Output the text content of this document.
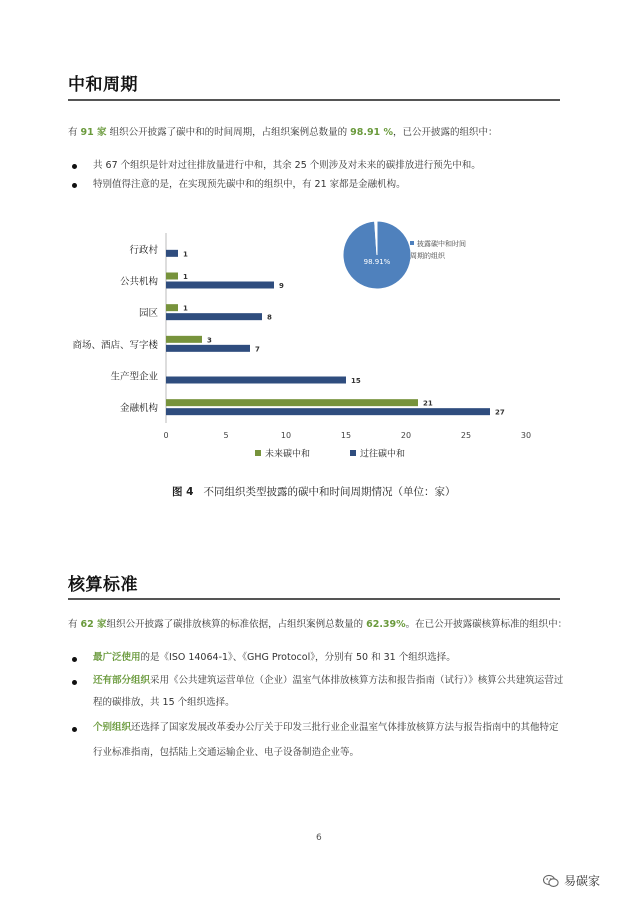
中和周期
有 91 家 组织公开披露了碳中和的时间周期，占组织案例总数量的 98.91 %，已公开披露的组织中：
共 67 个组织是针对过往排放量进行中和，其余 25 个则涉及对未来的碳排放进行预先中和。
特别值得注意的是，在实现预先碳中和的组织中，有 21 家都是金融机构。
行政村	1
公共机构	1
9
园区	1
8
商场、酒店、写字楼	3
7
生产型企业	15
金融机构	21
27
0	5	10	15	20	25	30
未来碳中和	过往碳中和
98.91%
披露碳中和时间
周期的组织
图 4 不同组织类型披露的碳中和时间周期情况（单位：家）
核算标准
有 62 家组织公开披露了碳排放核算的标准依据，占组织案例总数量的 62.39%。在已公开披露碳核算标准的组织中：
最广泛使用的是《ISO 14064-1》、《GHG Protocol》，分别有 50 和 31 个组织选择。
还有部分组织采用《公共建筑运营单位（企业）温室气体排放核算方法和报告指南（试行）》核算公共建筑运营过
程的碳排放，共 15 个组织选择。
个别组织还选择了国家发展改革委办公厅关于印发三批行业企业温室气体排放核算方法与报告指南中的其他特定
行业标准指南，包括陆上交通运输企业、电子设备制造企业等。
6
易碳家
